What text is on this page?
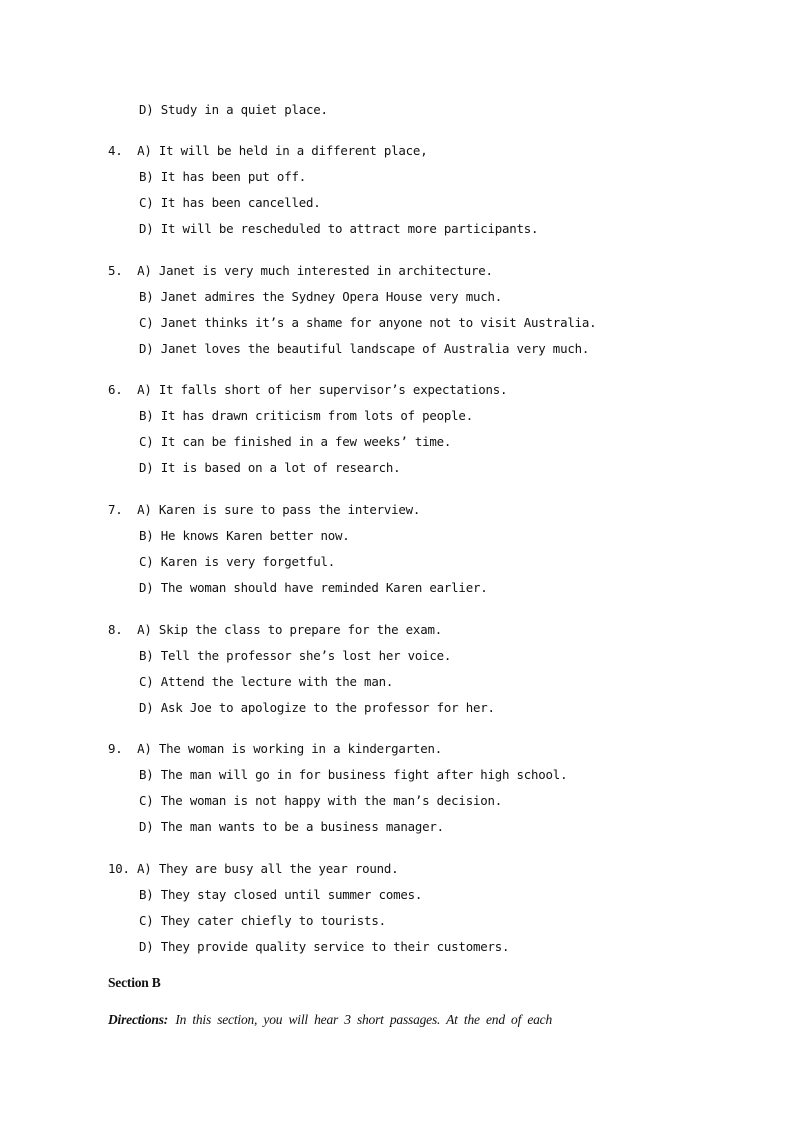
D) Study in a quiet place.
4. A) It will be held in a different place,
B) It has been put off.
C) It has been cancelled.
D) It will be rescheduled to attract more participants.
5. A) Janet is very much interested in architecture.
B) Janet admires the Sydney Opera House very much.
C) Janet thinks it’s a shame for anyone not to visit Australia.
D) Janet loves the beautiful landscape of Australia very much.
6. A) It falls short of her supervisor’s expectations.
B) It has drawn criticism from lots of people.
C) It can be finished in a few weeks’ time.
D) It is based on a lot of research.
7. A) Karen is sure to pass the interview.
B) He knows Karen better now.
C) Karen is very forgetful.
D) The woman should have reminded Karen earlier.
8. A) Skip the class to prepare for the exam.
B) Tell the professor she’s lost her voice.
C) Attend the lecture with the man.
D) Ask Joe to apologize to the professor for her.
9. A) The woman is working in a kindergarten.
B) The man will go in for business fight after high school.
C) The woman is not happy with the man’s decision.
D) The man wants to be a business manager.
10. A) They are busy all the year round.
B) They stay closed until summer comes.
C) They cater chiefly to tourists.
D) They provide quality service to their customers.
Section B
Directions: In this section, you will hear 3 short passages. At the end of each
